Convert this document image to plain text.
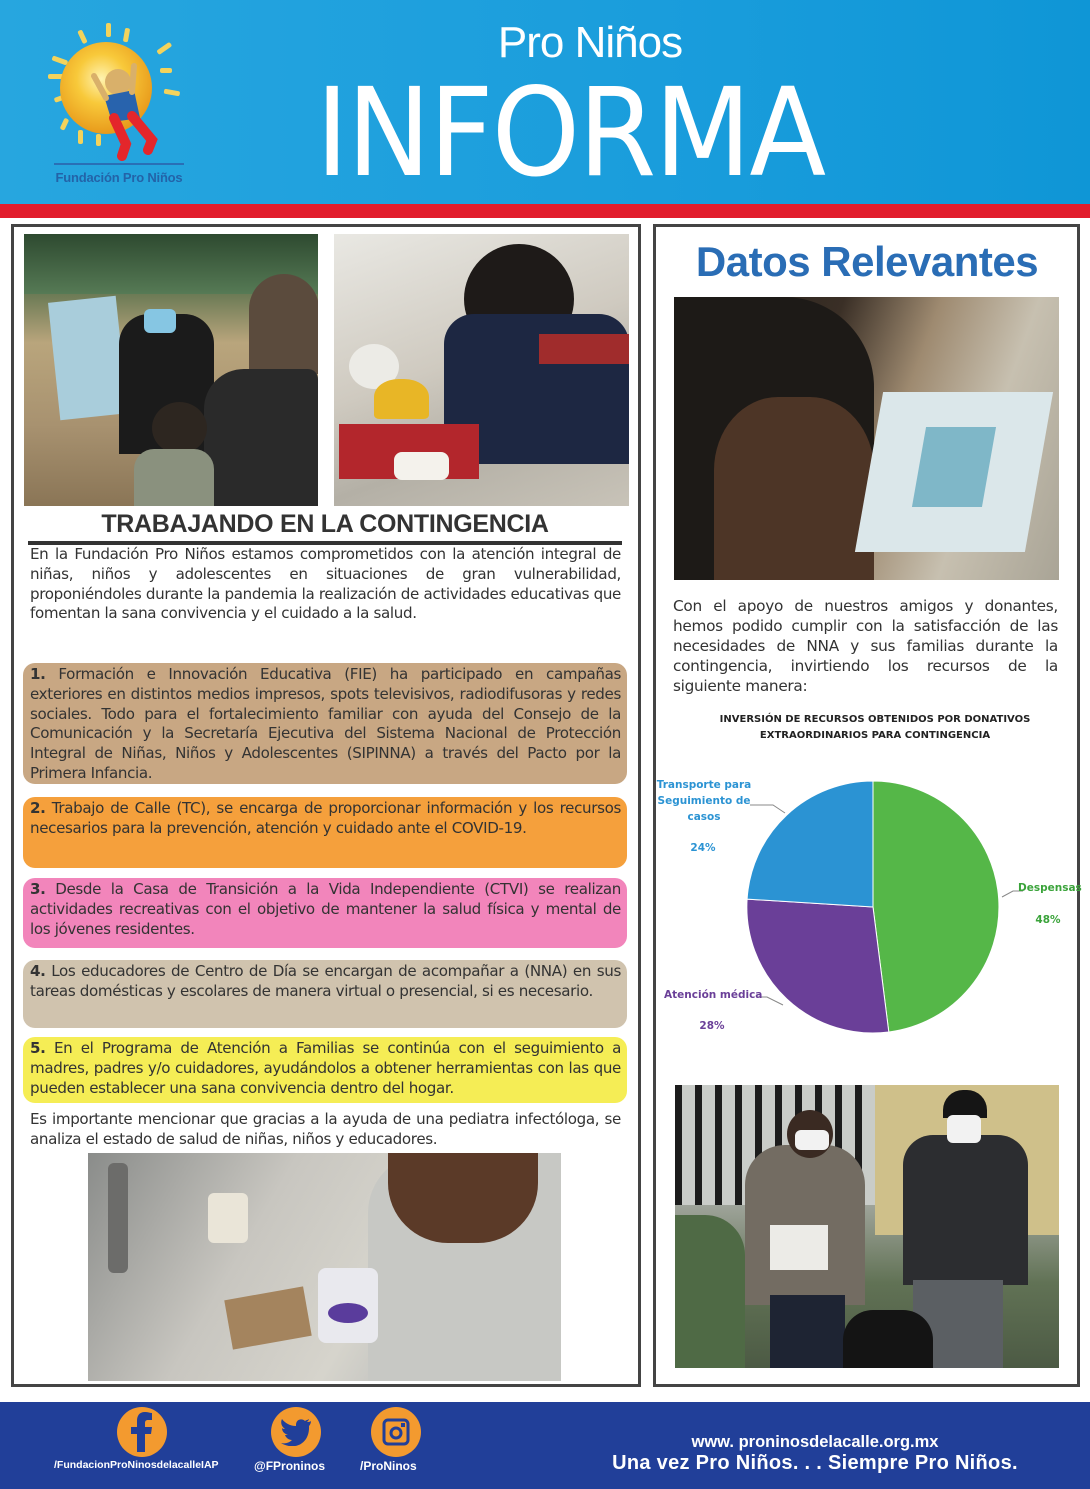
Fundación Pro Niños
Pro Niños
INFORMA
TRABAJANDO EN LA CONTINGENCIA
En la Fundación Pro Niños estamos comprometidos con la atención integral de niñas, niños y adolescentes en situaciones de gran vulnerabilidad, proponiéndoles durante la pandemia la realización de actividades educativas que fomentan la sana convivencia y el cuidado a la salud.
1. Formación e Innovación Educativa (FIE) ha participado en campañas exteriores en distintos medios impresos, spots televisivos, radiodifusoras y redes sociales. Todo para el fortalecimiento familiar con ayuda del Consejo de la Comunicación y la Secretaría Ejecutiva del Sistema Nacional de Protección Integral de Niñas, Niños y Adolescentes (SIPINNA) a través del Pacto por la Primera Infancia.
2. Trabajo de Calle (TC), se encarga de proporcionar información y los recursos necesarios para la prevención, atención y cuidado ante el COVID-19.
3. Desde la Casa de Transición a la Vida Independiente (CTVI) se realizan actividades recreativas con el objetivo de mantener la salud física y mental de los jóvenes residentes.
4. Los educadores de Centro de Día se encargan de acompañar a (NNA) en sus tareas domésticas y escolares de manera virtual o presencial, si es necesario.
5. En el Programa de Atención a Familias se continúa con el seguimiento a madres, padres y/o cuidadores, ayudándolos a obtener herramientas con las que pueden establecer una sana convivencia dentro del hogar.
Es importante mencionar que gracias a la ayuda de una pediatra infectóloga, se analiza el estado de salud de niñas, niños y educadores.
Datos Relevantes
Con el apoyo de nuestros amigos y donantes, hemos podido cumplir con la satisfacción de las necesidades de NNA y sus familias durante la contingencia, invirtiendo los recursos de la siguiente manera:
INVERSIÓN DE RECURSOS OBTENIDOS POR DONATIVOS
EXTRAORDINARIOS PARA CONTINGENCIA
Transporte para
Seguimiento de
casos
24%
Despensas
48%
Atención médica
28%
/FundacionProNinosdelacalleIAP	@FProninos	/ProNinos
www. proninosdelacalle.org.mx
Una vez Pro Niños. . . Siempre Pro Niños.
